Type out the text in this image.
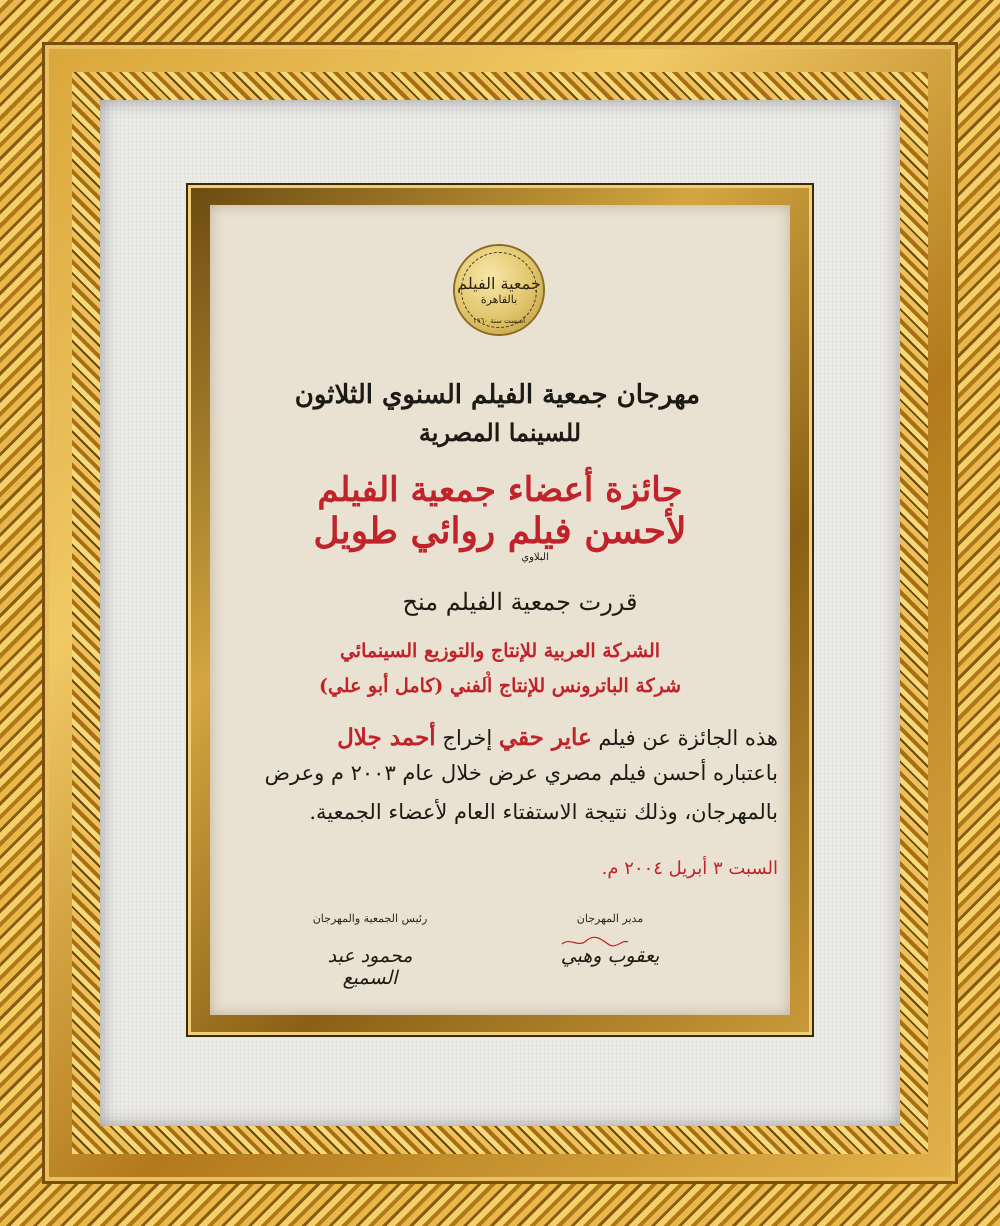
جمعية الفيلم
بالقاهرة
أسست سنة ١٩٦٠
مهرجان جمعية الفيلم السنوي الثلاثون
للسينما المصرية
جائزة أعضاء جمعية الفيلم
لأحسن فيلم روائي طويل
البلاوي
قررت جمعية الفيلم منح
الشركة العربية للإنتاج والتوزيع السينمائي
و
شركة الباترونس للإنتاج الفني (كامل أبو علي)
هذه الجائزة عن فيلم عاير حقي إخراج أحمد جلال
باعتباره أحسن فيلم مصري عرض خلال عام ٢٠٠٣ م وعرض
بالمهرجان، وذلك نتيجة الاستفتاء العام لأعضاء الجمعية.
السبت ٣ أبريل ٢٠٠٤ م.
رئيس الجمعية والمهرجان
محمود عبد السميع
مدير المهرجان
يعقوب وهبي
